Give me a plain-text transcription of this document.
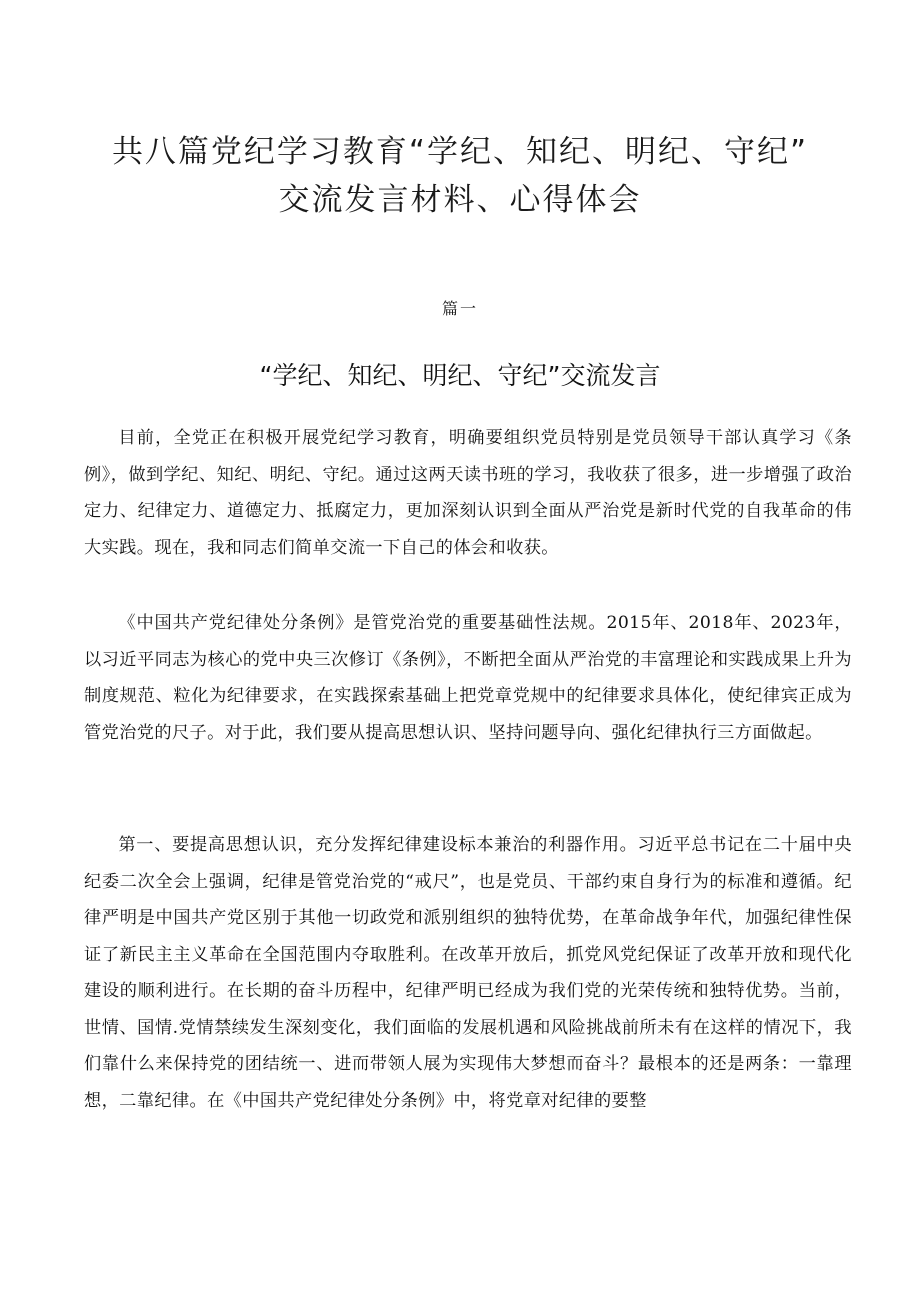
共八篇党纪学习教育“学纪、知纪、明纪、守纪”
交流发言材料、心得体会
篇一
“学纪、知纪、明纪、守纪”交流发言

目前，全党正在积极开展党纪学习教育，明确要组织党员特别是党员领导干部认真学习《条例》，做到学纪、知纪、明纪、守纪。通过这两天读书班的学习，我收获了很多，进一步增强了政治定力、纪律定力、道德定力、抵腐定力，更加深刻认识到全面从严治党是新时代党的自我革命的伟大实践。现在，我和同志们简单交流一下自己的体会和收获。

《中国共产党纪律处分条例》是管党治党的重要基础性法规。2015年、2018年、2023年，以习近平同志为核心的党中央三次修订《条例》，不断把全面从严治党的丰富理论和实践成果上升为制度规范、粒化为纪律要求，在实践探索基础上把党章党规中的纪律要求具体化，使纪律宾正成为管党治党的尺子。对于此，我们要从提高思想认识、坚持问题导向、强化纪律执行三方面做起。

第一、要提高思想认识，充分发挥纪律建设标本兼治的利器作用。习近平总书记在二十届中央纪委二次全会上强调，纪律是管党治党的“戒尺”，也是党员、干部约束自身行为的标准和遵循。纪律严明是中国共产党区别于其他一切政党和派别组织的独特优势，在革命战争年代，加强纪律性保证了新民主主义革命在全国范围内夺取胜利。在改革开放后，抓党风党纪保证了改革开放和现代化建设的顺利进行。在长期的奋斗历程中，纪律严明已经成为我们党的光荣传统和独特优势。当前，世情、国情.党情禁续发生深刻变化，我们面临的发展机遇和风险挑战前所未有在这样的情况下，我们靠什么来保持党的团结统一、进而带领人展为实现伟大梦想而奋斗？最根本的还是两条：一靠理想，二靠纪律。在《中国共产党纪律处分条例》中，将党章对纪律的要整
